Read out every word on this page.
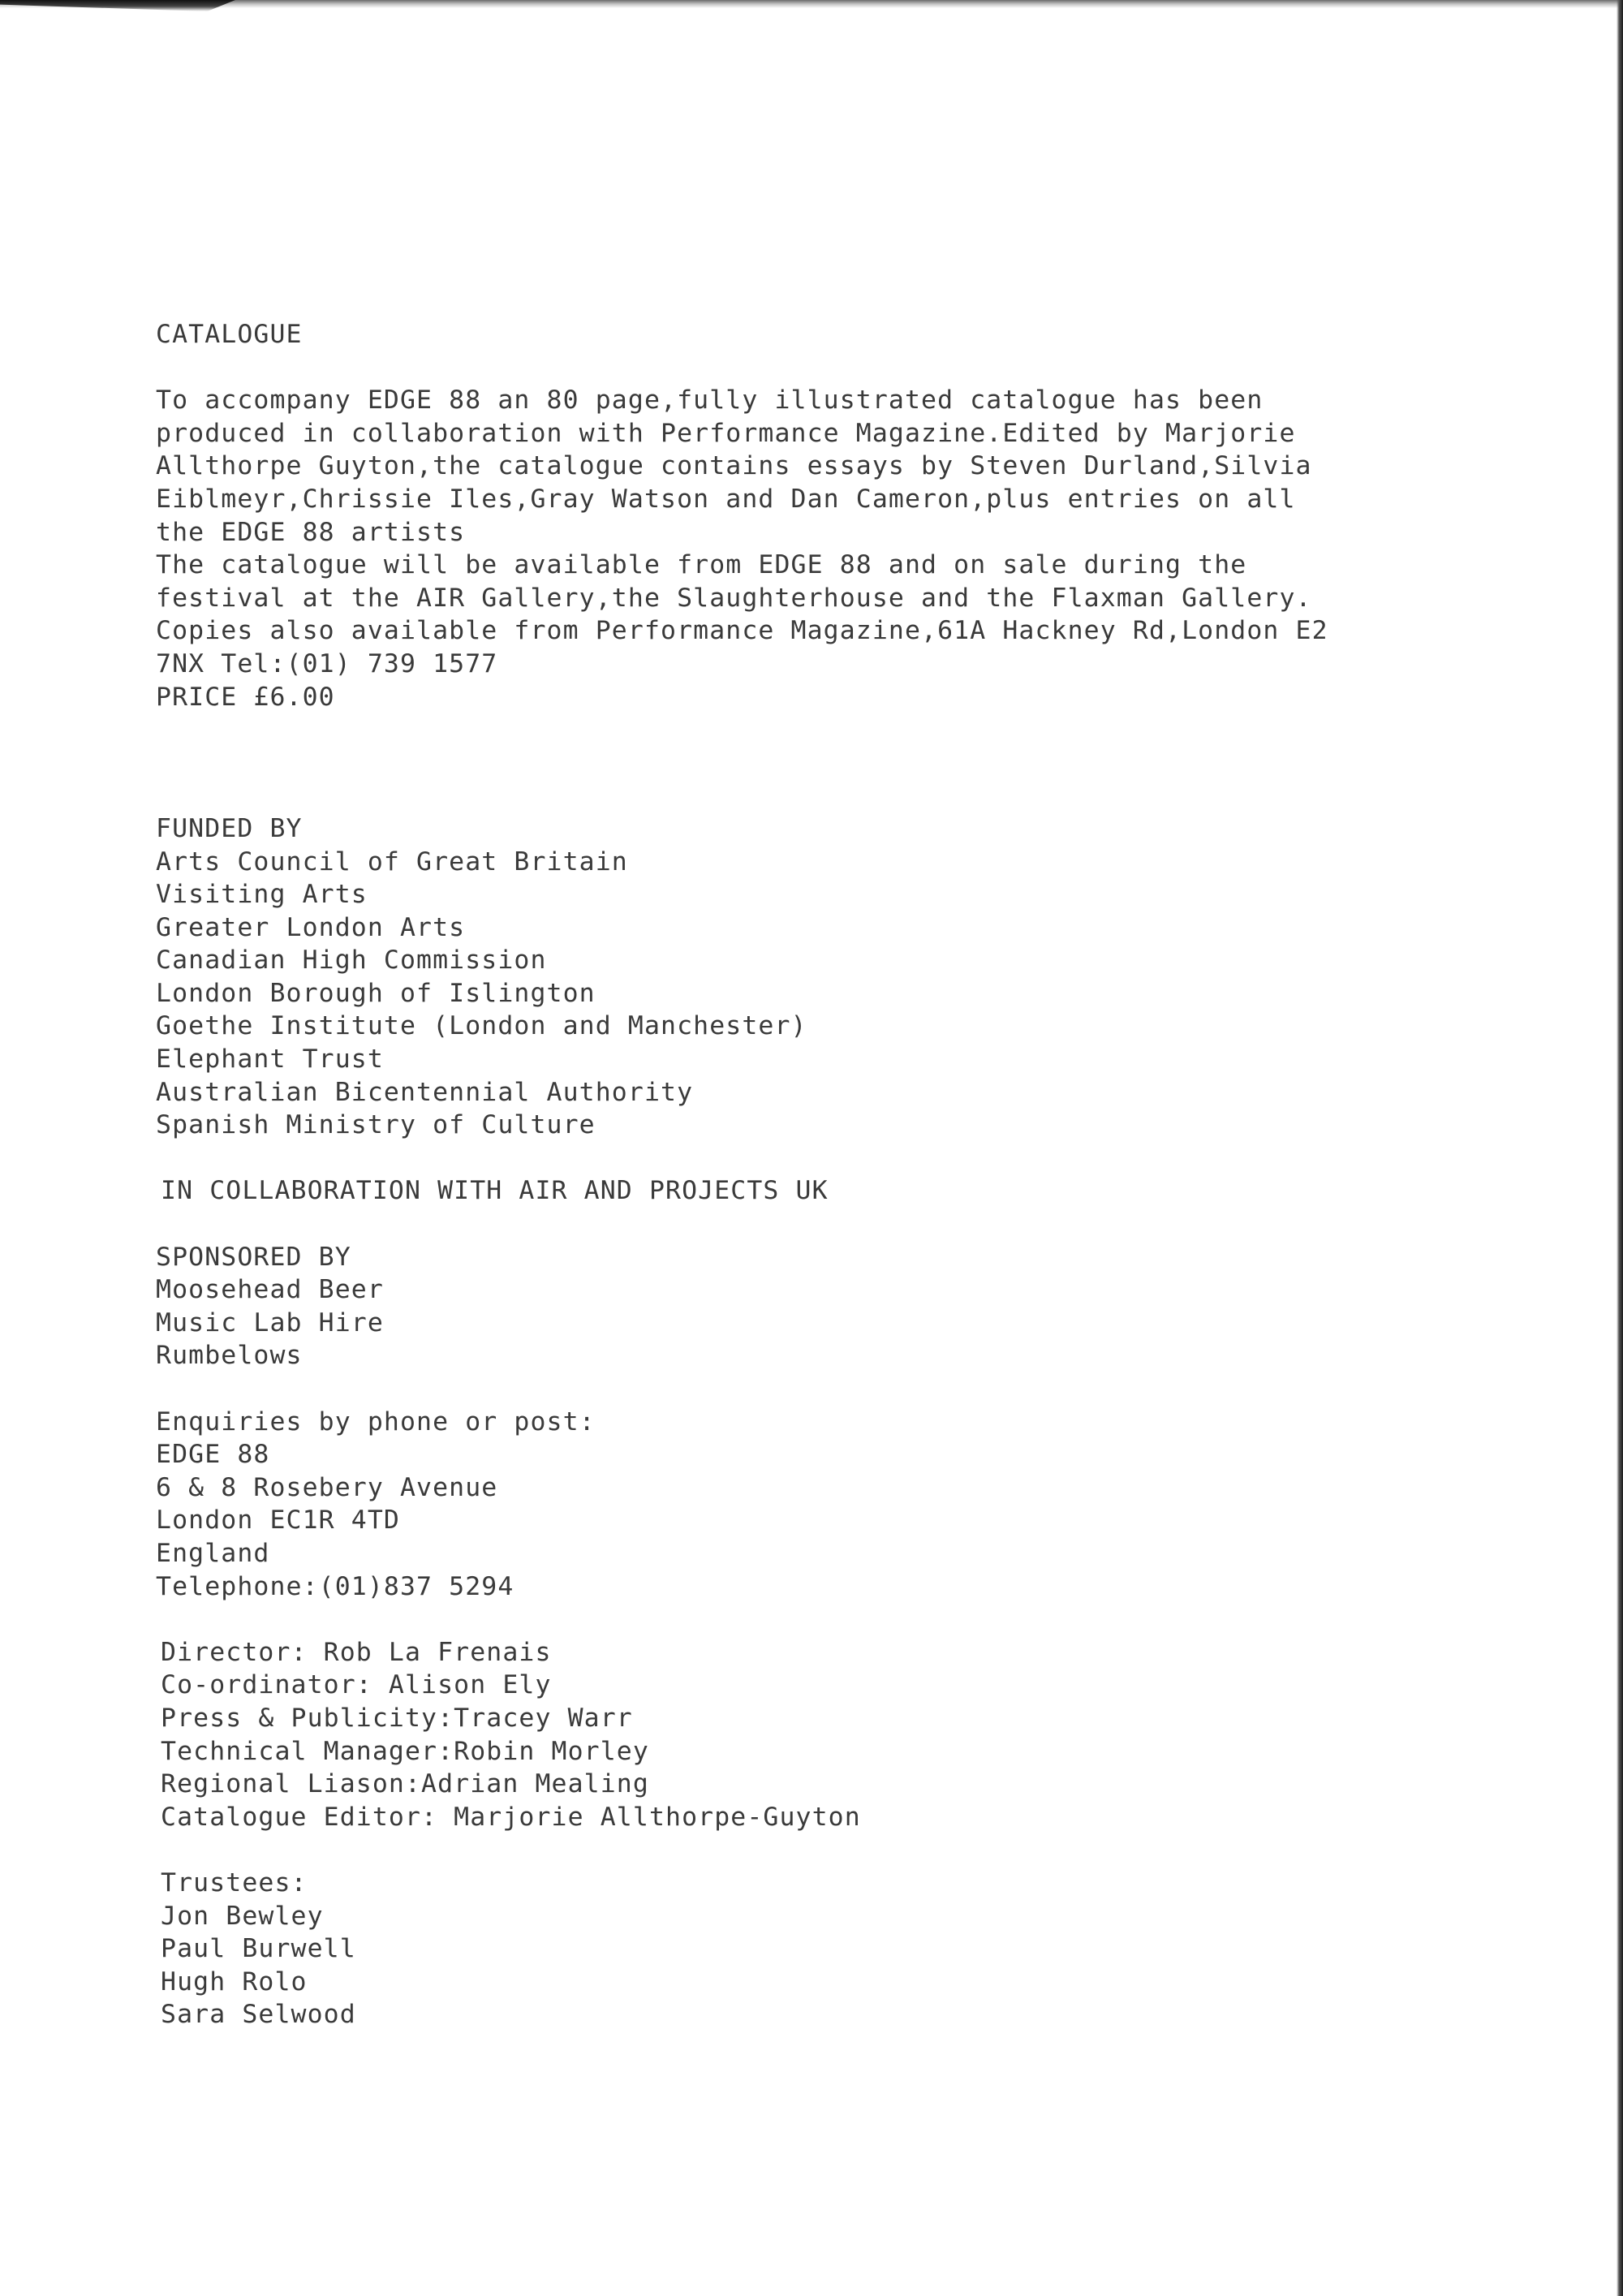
CATALOGUE
To accompany EDGE 88 an 80 page,fully illustrated catalogue has been
produced in collaboration with Performance Magazine.Edited by Marjorie
Allthorpe Guyton,the catalogue contains essays by Steven Durland,Silvia
Eiblmeyr,Chrissie Iles,Gray Watson and Dan Cameron,plus entries on all
the EDGE 88 artists
The catalogue will be available from EDGE 88 and on sale during the
festival at the AIR Gallery,the Slaughterhouse and the Flaxman Gallery.
Copies also available from Performance Magazine,61A Hackney Rd,London E2
7NX Tel:(01) 739 1577
PRICE £6.00
FUNDED BY
Arts Council of Great Britain
Visiting Arts
Greater London Arts
Canadian High Commission
London Borough of Islington
Goethe Institute (London and Manchester)
Elephant Trust
Australian Bicentennial Authority
Spanish Ministry of Culture
IN COLLABORATION WITH AIR AND PROJECTS UK
SPONSORED BY
Moosehead Beer
Music Lab Hire
Rumbelows
Enquiries by phone or post:
EDGE 88
6 & 8 Rosebery Avenue
London EC1R 4TD
England
Telephone:(01)837 5294
Director: Rob La Frenais
Co-ordinator: Alison Ely
Press & Publicity:Tracey Warr
Technical Manager:Robin Morley
Regional Liason:Adrian Mealing
Catalogue Editor: Marjorie Allthorpe-Guyton
Trustees:
Jon Bewley
Paul Burwell
Hugh Rolo
Sara Selwood
